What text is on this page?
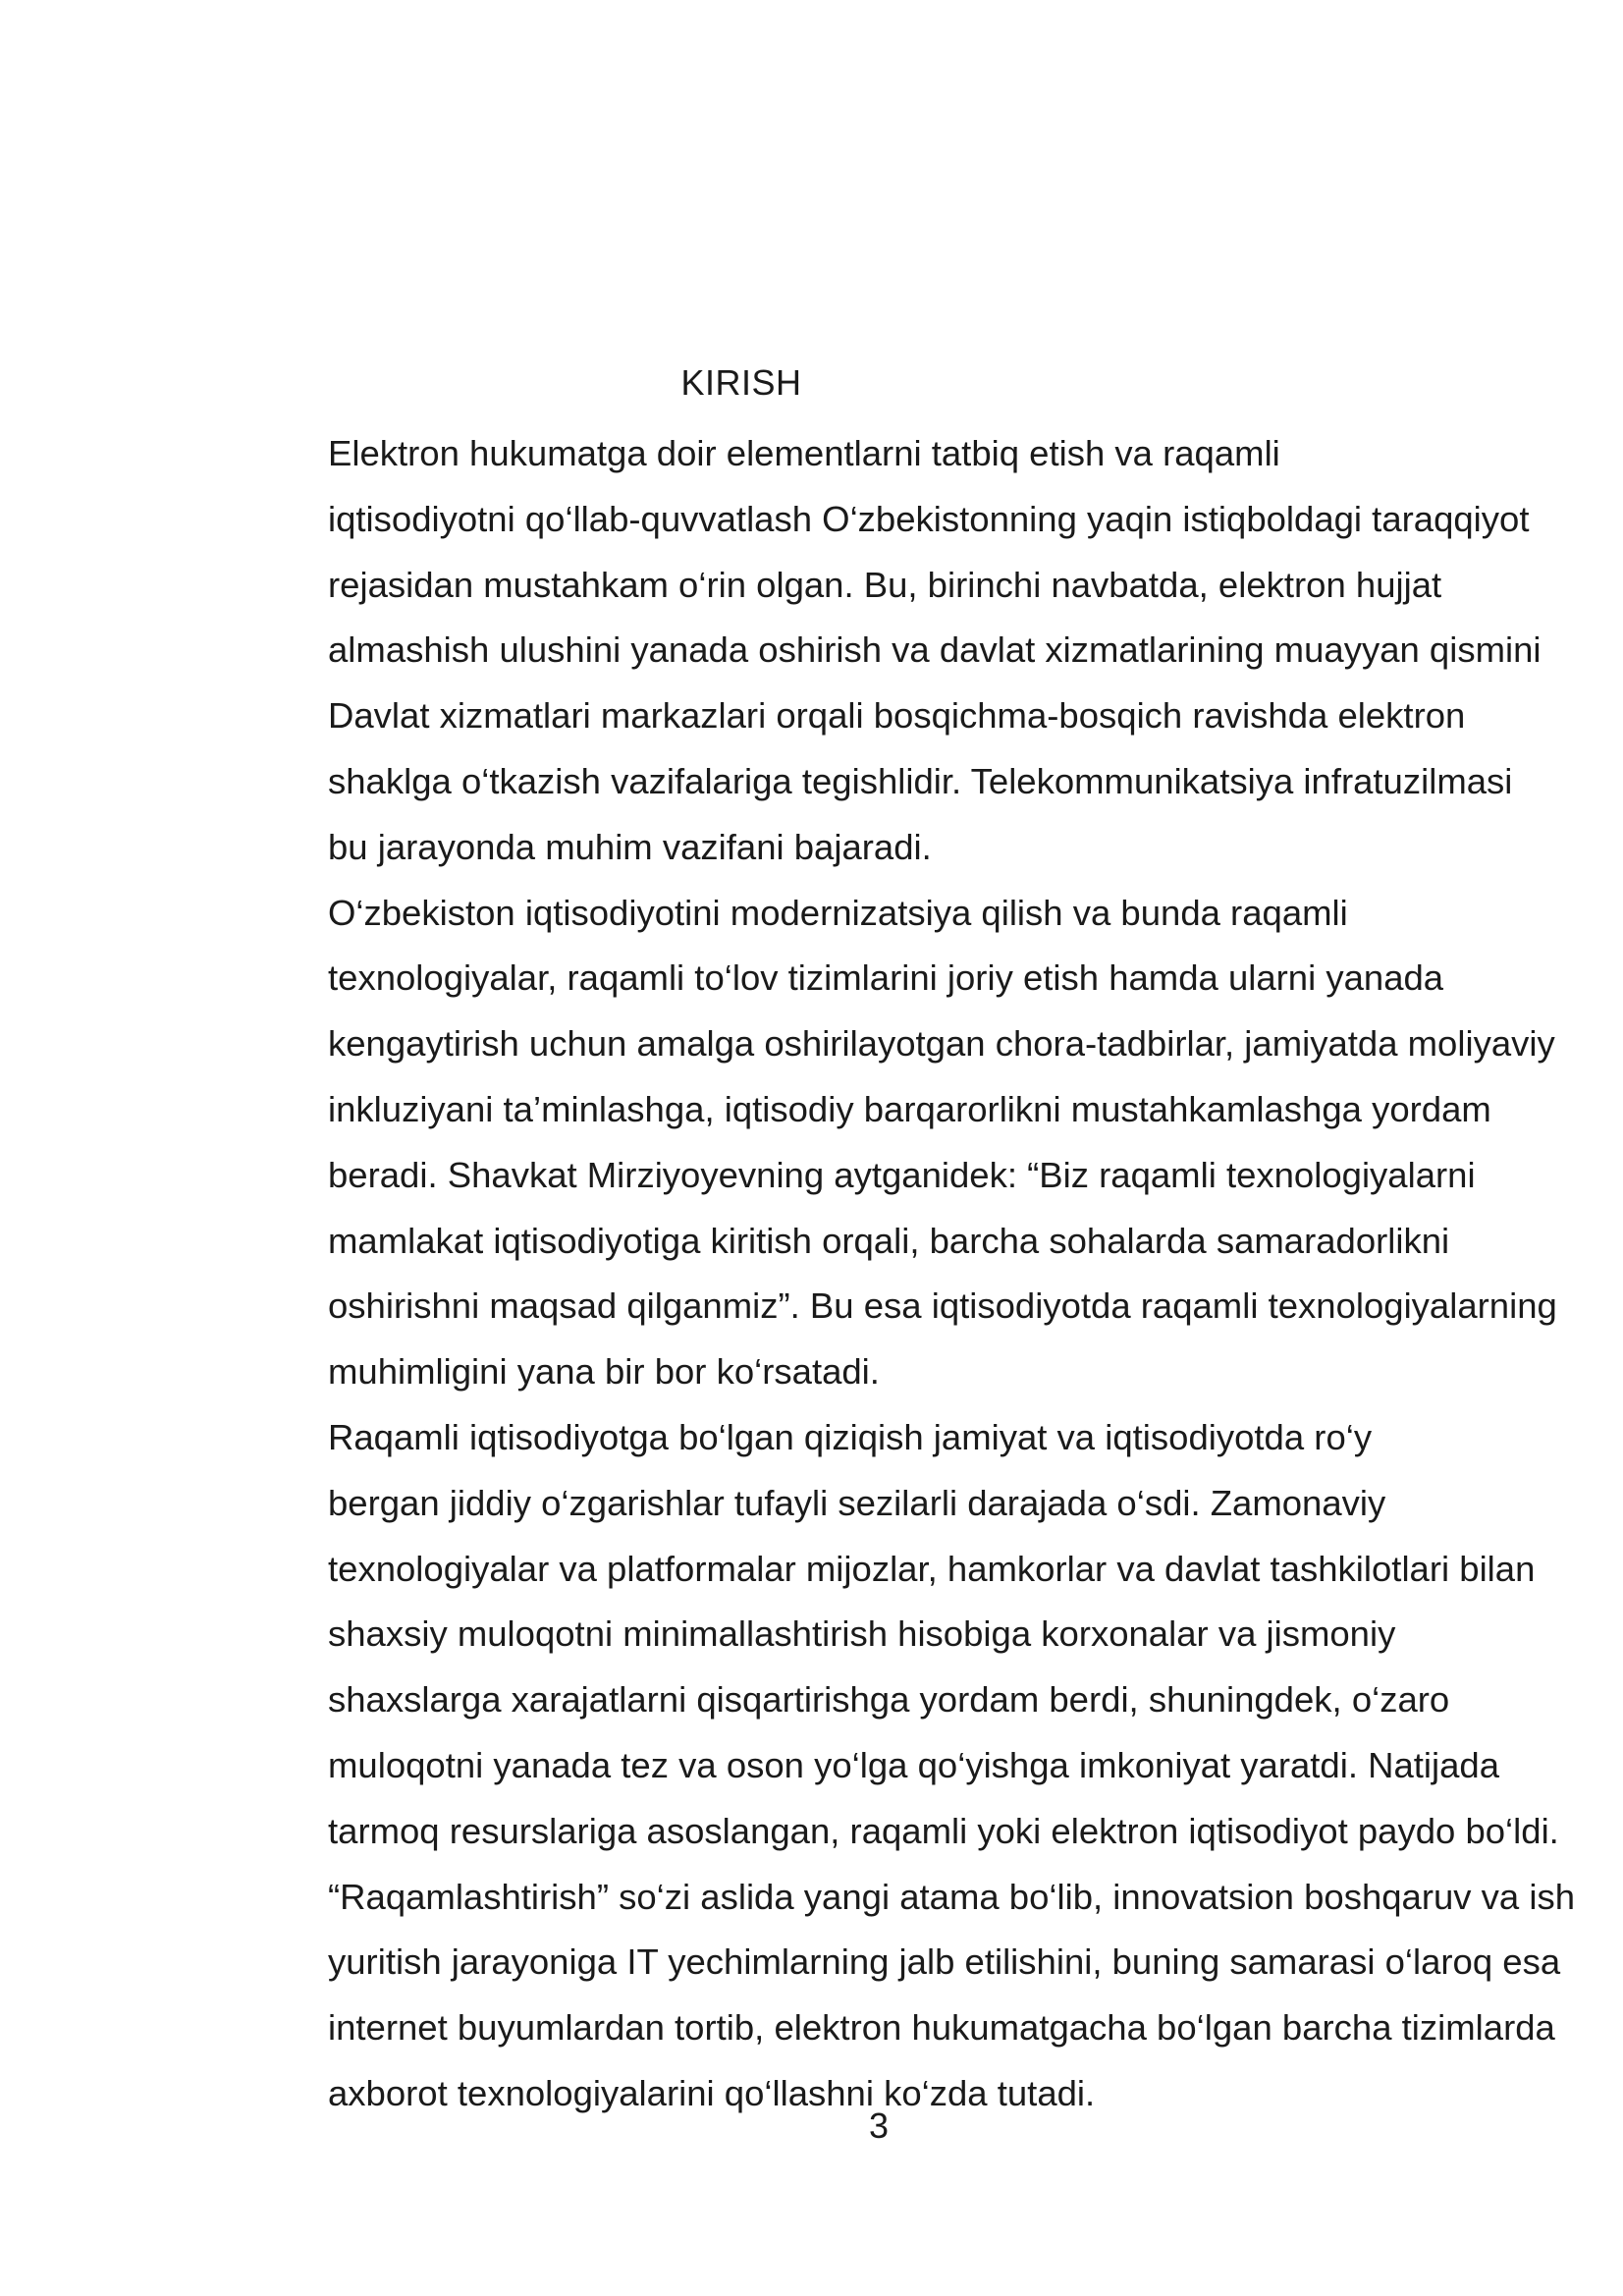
KIRISH

Elektron hukumatga doir elementlarni tatbiq etish va raqamli
iqtisodiyotni qo‘llab-quvvatlash O‘zbekistonning yaqin istiqboldagi taraqqiyot
rejasidan mustahkam o‘rin olgan. Bu, birinchi navbatda, elektron hujjat
almashish ulushini yanada oshirish va davlat xizmatlarining muayyan qismini
Davlat xizmatlari markazlari orqali bosqichma-bosqich ravishda elektron
shaklga o‘tkazish vazifalariga tegishlidir. Telekommunikatsiya infratuzilmasi
bu jarayonda muhim vazifani bajaradi.

O‘zbekiston iqtisodiyotini modernizatsiya qilish va bunda raqamli
texnologiyalar, raqamli to‘lov tizimlarini joriy etish hamda ularni yanada
kengaytirish uchun amalga oshirilayotgan chora-tadbirlar, jamiyatda moliyaviy
inkluziyani ta’minlashga, iqtisodiy barqarorlikni mustahkamlashga yordam
beradi. Shavkat Mirziyoyevning aytganidek: “Biz raqamli texnologiyalarni
mamlakat iqtisodiyotiga kiritish orqali, barcha sohalarda samaradorlikni
oshirishni maqsad qilganmiz”. Bu esa iqtisodiyotda raqamli texnologiyalarning
muhimligini yana bir bor ko‘rsatadi.

Raqamli iqtisodiyotga bo‘lgan qiziqish jamiyat va iqtisodiyotda ro‘y
bergan jiddiy o‘zgarishlar tufayli sezilarli darajada o‘sdi. Zamonaviy
texnologiyalar va platformalar mijozlar, hamkorlar va davlat tashkilotlari bilan
shaxsiy muloqotni minimallashtirish hisobiga korxonalar va jismoniy
shaxslarga xarajatlarni qisqartirishga yordam berdi, shuningdek, o‘zaro
muloqotni yanada tez va oson yo‘lga qo‘yishga imkoniyat yaratdi. Natijada
tarmoq resurslariga asoslangan, raqamli yoki elektron iqtisodiyot paydo bo‘ldi.
“Raqamlashtirish” so‘zi aslida yangi atama bo‘lib, innovatsion boshqaruv va ish
yuritish jarayoniga IT yechimlarning jalb etilishini, buning samarasi o‘laroq esa
internet buyumlardan tortib, elektron hukumatgacha bo‘lgan barcha tizimlarda
axborot texnologiyalarini qo‘llashni ko‘zda tutadi.

3
